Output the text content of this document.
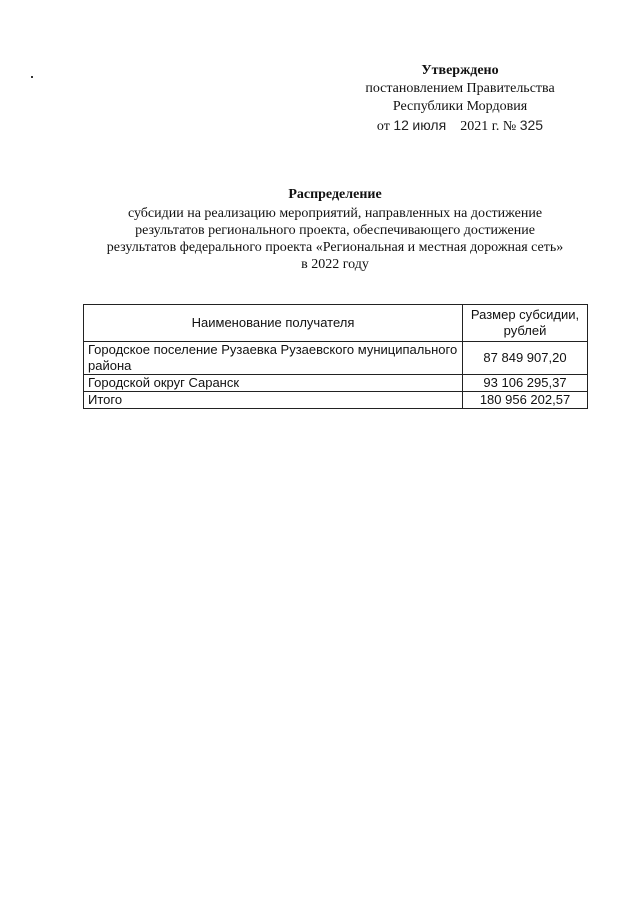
Утверждено
постановлением Правительства
Республики Мордовия
от 12 июля 2021 г. № 325
Распределение
субсидии на реализацию мероприятий, направленных на достижение
результатов регионального проекта, обеспечивающего достижение
результатов федерального проекта «Региональная и местная дорожная сеть»
в 2022 году
Наименование получателя	Размер субсидии, рублей
Городское поселение Рузаевка Рузаевского муниципального района	87 849 907,20
Городской округ Саранск	93 106 295,37
Итого	180 956 202,57
